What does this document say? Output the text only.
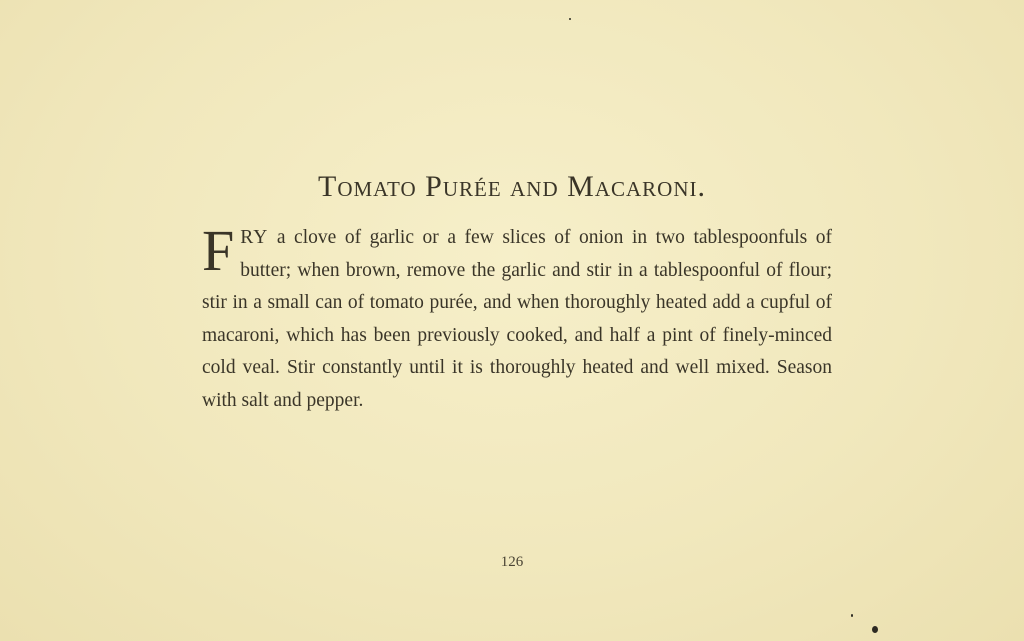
Tomato Purée and Macaroni.
F RY a clove of garlic or a few slices of onion in two tablespoonfuls of butter; when brown, remove the garlic and stir in a tablespoonful of flour; stir in a small can of tomato purée, and when thoroughly heated add a cupful of macaroni, which has been previously cooked, and half a pint of finely-minced cold veal. Stir constantly until it is thoroughly heated and well mixed. Season with salt and pepper.
126
